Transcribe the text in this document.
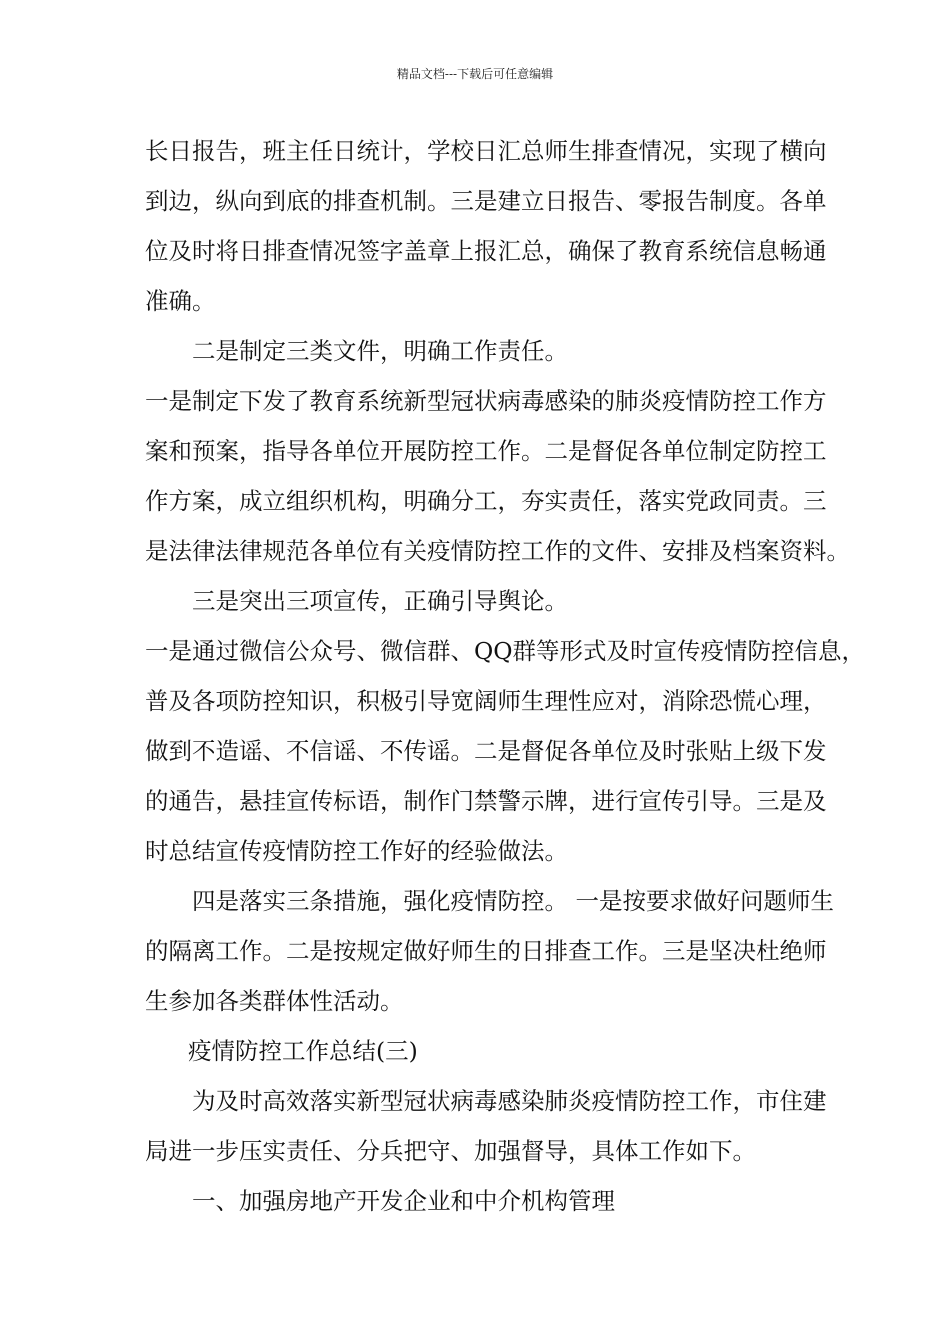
精品文档---下载后可任意编辑
长日报告，班主任日统计，学校日汇总师生排查情况，实现了横向
到边，纵向到底的排查机制。三是建立日报告、零报告制度。各单
位及时将日排查情况签字盖章上报汇总，确保了教育系统信息畅通
准确。
二是制定三类文件，明确工作责任。
一是制定下发了教育系统新型冠状病毒感染的肺炎疫情防控工作方
案和预案，指导各单位开展防控工作。二是督促各单位制定防控工
作方案，成立组织机构，明确分工，夯实责任，落实党政同责。三
是法律法律规范各单位有关疫情防控工作的文件、安排及档案资料。
三是突出三项宣传，正确引导舆论。
一是通过微信公众号、微信群、QQ群等形式及时宣传疫情防控信息，
普及各项防控知识，积极引导宽阔师生理性应对，消除恐慌心理，
做到不造谣、不信谣、不传谣。二是督促各单位及时张贴上级下发
的通告，悬挂宣传标语，制作门禁警示牌，进行宣传引导。三是及
时总结宣传疫情防控工作好的经验做法。
四是落实三条措施，强化疫情防控。 一是按要求做好问题师生
的隔离工作。二是按规定做好师生的日排查工作。三是坚决杜绝师
生参加各类群体性活动。
疫情防控工作总结(三)
为及时高效落实新型冠状病毒感染肺炎疫情防控工作，市住建
局进一步压实责任、分兵把守、加强督导，具体工作如下。
一、加强房地产开发企业和中介机构管理
